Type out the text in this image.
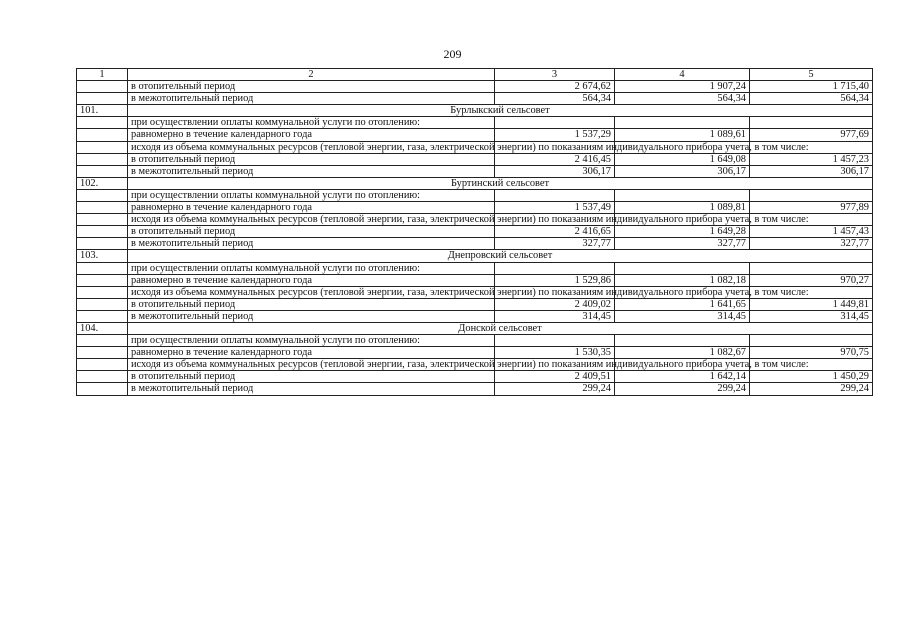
209
1	2	3	4	5
	в отопительный период	2 674,62	1 907,24	1 715,40
	в межотопительный период	564,34	564,34	564,34
101.	Бурлыкский сельсовет			
	при осуществлении оплаты коммунальной услуги по отоплению:			
	равномерно в течение календарного года	1 537,29	1 089,61	977,69
	исходя из объема коммунальных ресурсов (тепловой энергии, газа, электрической энергии) по показаниям индивидуального прибора учета, в том числе:			
	в отопительный период	2 416,45	1 649,08	1 457,23
	в межотопительный период	306,17	306,17	306,17
102.	Буртинский сельсовет			
	при осуществлении оплаты коммунальной услуги по отоплению:			
	равномерно в течение календарного года	1 537,49	1 089,81	977,89
	исходя из объема коммунальных ресурсов (тепловой энергии, газа, электрической энергии) по показаниям индивидуального прибора учета, в том числе:			
	в отопительный период	2 416,65	1 649,28	1 457,43
	в межотопительный период	327,77	327,77	327,77
103.	Днепровский сельсовет			
	при осуществлении оплаты коммунальной услуги по отоплению:			
	равномерно в течение календарного года	1 529,86	1 082,18	970,27
	исходя из объема коммунальных ресурсов (тепловой энергии, газа, электрической энергии) по показаниям индивидуального прибора учета, в том числе:			
	в отопительный период	2 409,02	1 641,65	1 449,81
	в межотопительный период	314,45	314,45	314,45
104.	Донской сельсовет			
	при осуществлении оплаты коммунальной услуги по отоплению:			
	равномерно в течение календарного года	1 530,35	1 082,67	970,75
	исходя из объема коммунальных ресурсов (тепловой энергии, газа, электрической энергии) по показаниям индивидуального прибора учета, в том числе:			
	в отопительный период	2 409,51	1 642,14	1 450,29
	в межотопительный период	299,24	299,24	299,24
